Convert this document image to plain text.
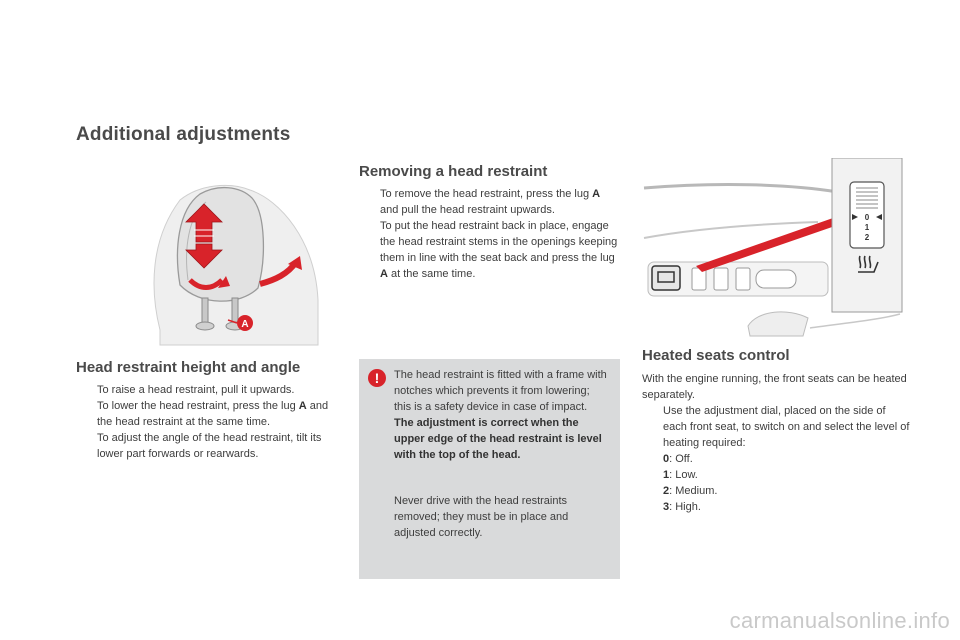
Additional adjustments
A
Head restraint height and angle

To raise a head restraint, pull it upwards.

To lower the head restraint, press the lug A and the head restraint at the same time.

To adjust the angle of the head restraint, tilt its lower part forwards or rearwards.

Removing a head restraint

To remove the head restraint, press the lug A and pull the head restraint upwards.

To put the head restraint back in place, engage the head restraint stems in the openings keeping them in line with the seat back and press the lug A at the same time.

! The head restraint is fitted with a frame with notches which prevents it from lowering; this is a safety device in case of impact.
The adjustment is correct when the upper edge of the head restraint is level with the top of the head.
Never drive with the head restraints removed; they must be in place and adjusted correctly.
0
1
2
Heated seats control

With the engine running, the front seats can be heated separately.

Use the adjustment dial, placed on the side of each front seat, to switch on and select the level of heating required:

0: Off.

1: Low.

2: Medium.

3: High.

carmanualsonline.info
